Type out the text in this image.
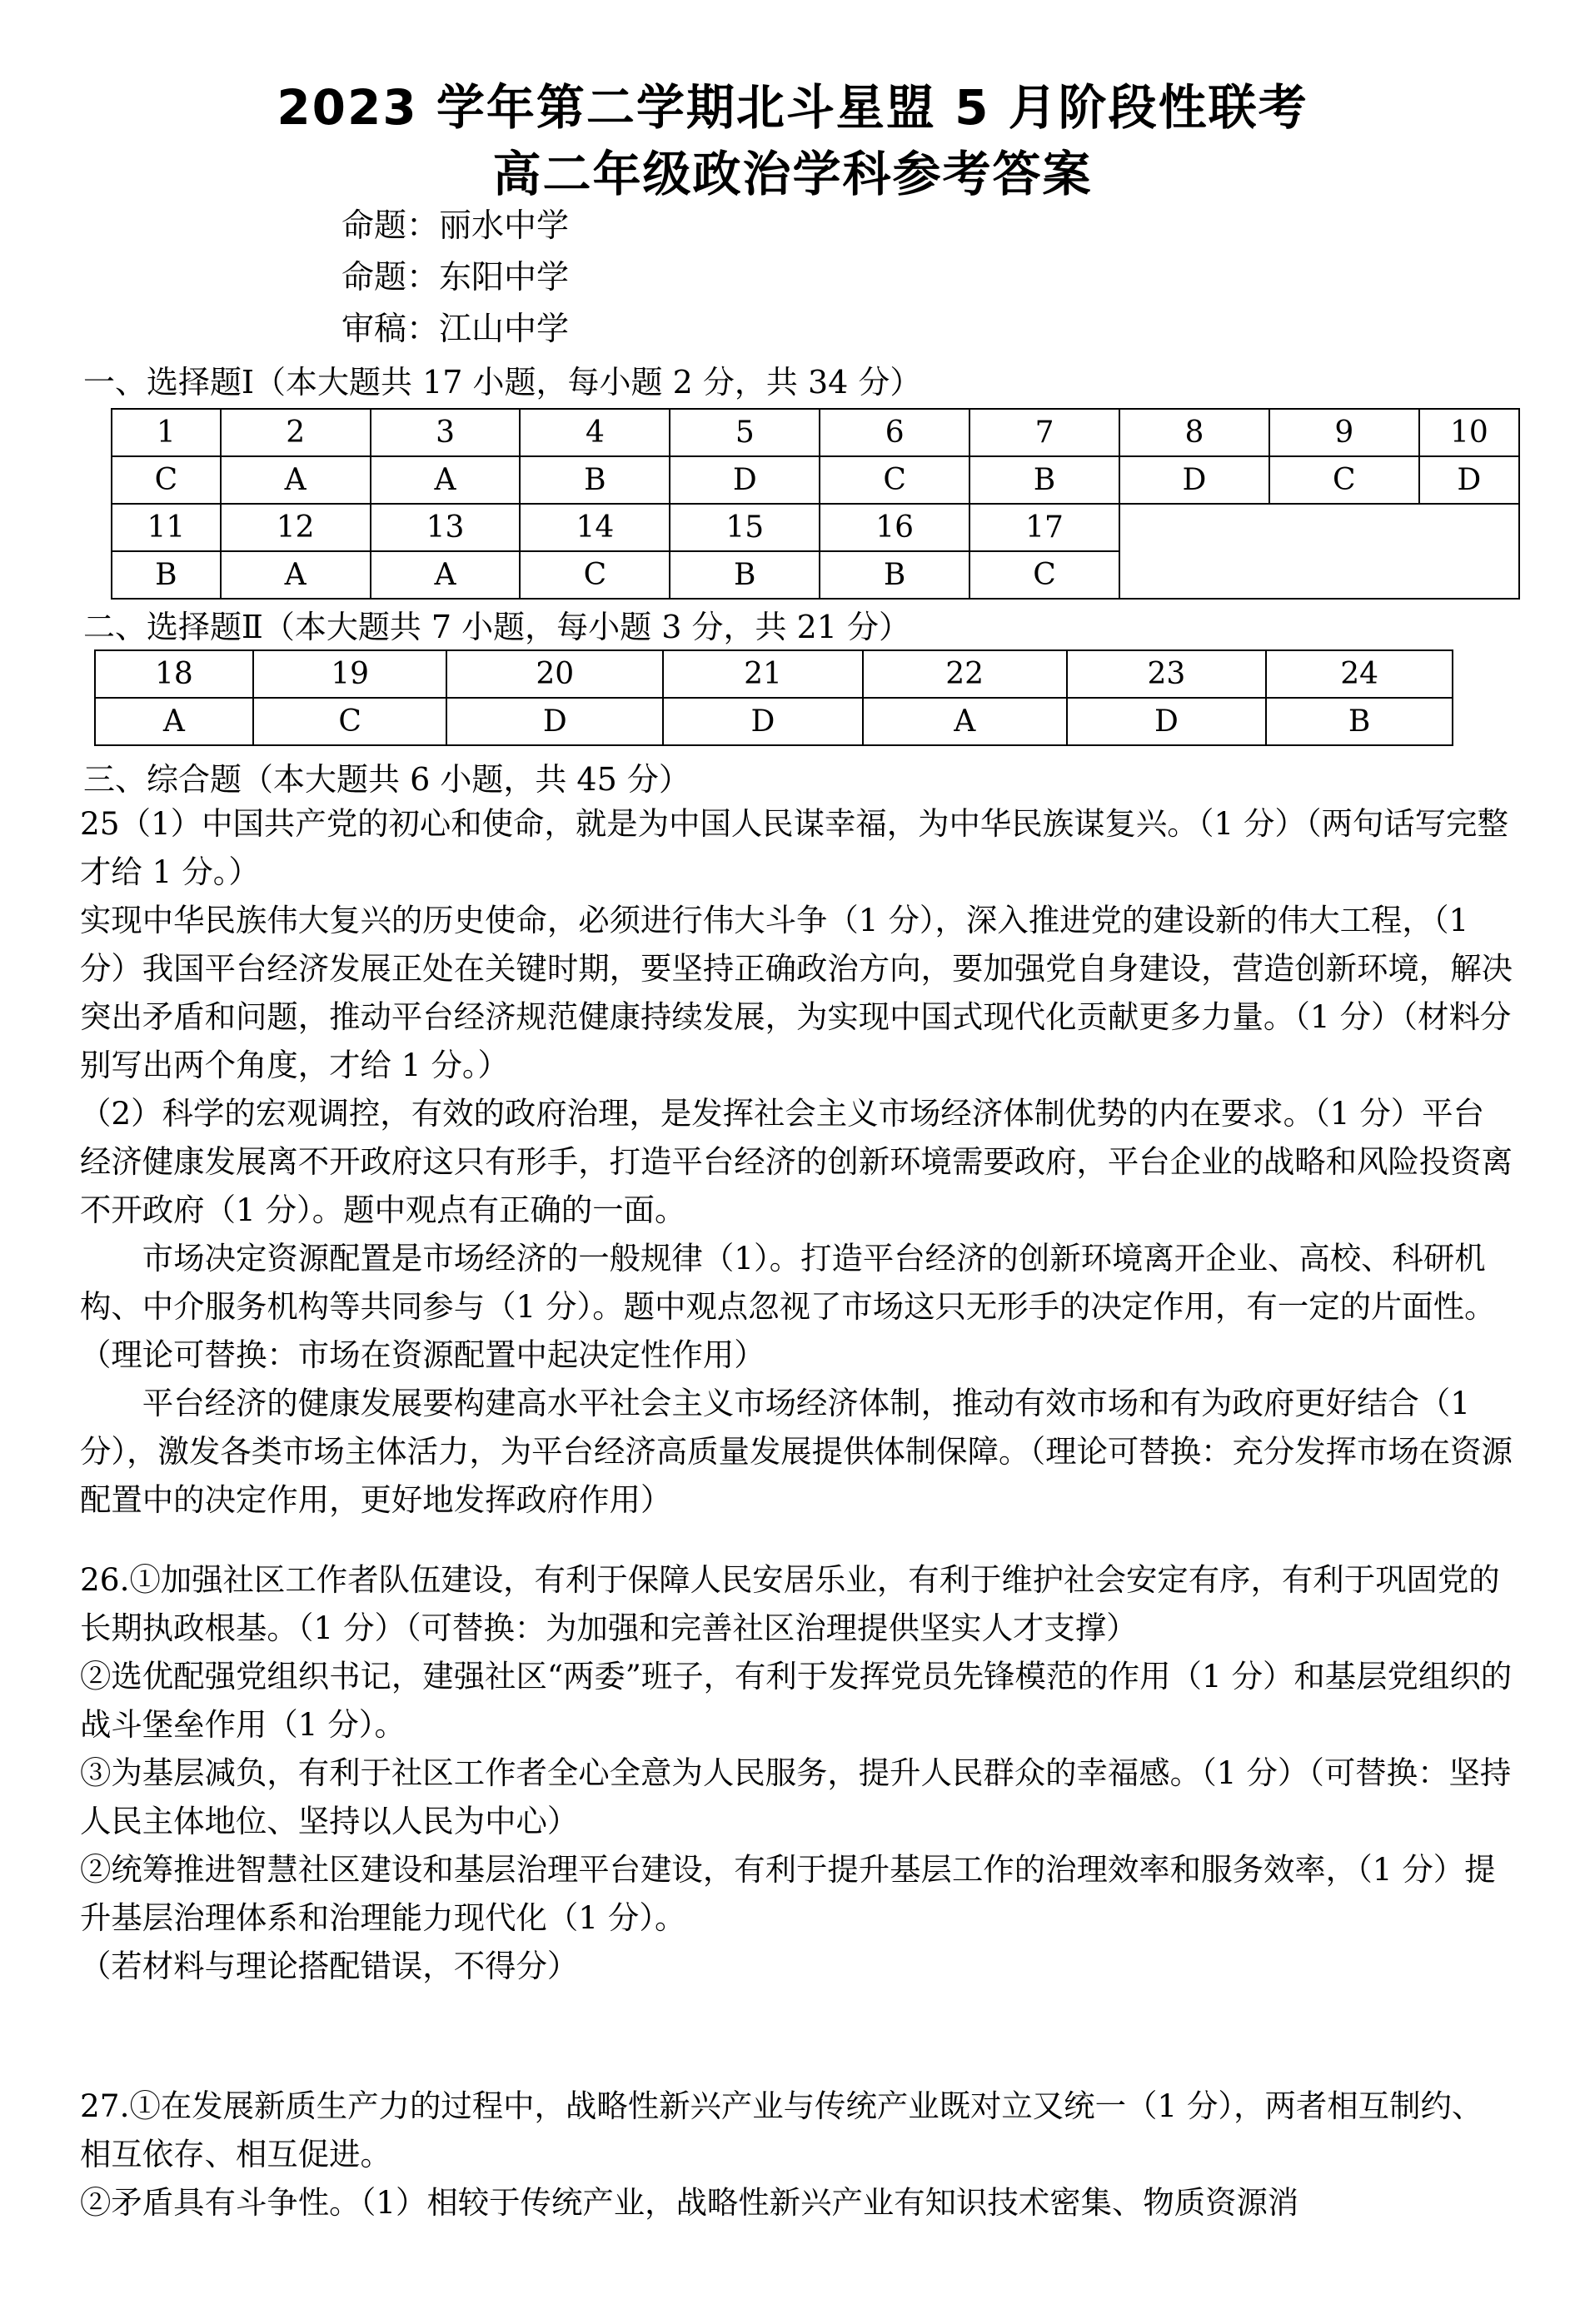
2023 学年第二学期北斗星盟 5 月阶段性联考
高二年级政治学科参考答案
命题：丽水中学
命题：东阳中学
审稿：江山中学
一、选择题Ⅰ（本大题共 17 小题，每小题 2 分，共 34 分）
1	2	3	4	5	6	7	8	9	10
C	A	A	B	D	C	B	D	C	D
11	12	13	14	15	16	17			
B	A	A	C	B	B	C			
二、选择题Ⅱ（本大题共 7 小题，每小题 3 分，共 21 分）
18	19	20	21	22	23	24
A	C	D	D	A	D	B
三、综合题（本大题共 6 小题，共 45 分）

25（1）中国共产党的初心和使命，就是为中国人民谋幸福，为中华民族谋复兴。（1 分）（两句话写完整才给 1 分。）

实现中华民族伟大复兴的历史使命，必须进行伟大斗争（1 分），深入推进党的建设新的伟大工程，（1 分）我国平台经济发展正处在关键时期，要坚持正确政治方向，要加强党自身建设，营造创新环境，解决突出矛盾和问题，推动平台经济规范健康持续发展，为实现中国式现代化贡献更多力量。（1 分）（材料分别写出两个角度，才给 1 分。）

（2）科学的宏观调控，有效的政府治理，是发挥社会主义市场经济体制优势的内在要求。（1 分）平台经济健康发展离不开政府这只有形手，打造平台经济的创新环境需要政府，平台企业的战略和风险投资离不开政府（1 分）。题中观点有正确的一面。

市场决定资源配置是市场经济的一般规律（1）。打造平台经济的创新环境离开企业、高校、科研机构、中介服务机构等共同参与（1 分）。题中观点忽视了市场这只无形手的决定作用，有一定的片面性。（理论可替换：市场在资源配置中起决定性作用）

平台经济的健康发展要构建高水平社会主义市场经济体制，推动有效市场和有为政府更好结合（1 分），激发各类市场主体活力，为平台经济高质量发展提供体制保障。（理论可替换：充分发挥市场在资源配置中的决定作用，更好地发挥政府作用）

26.①加强社区工作者队伍建设，有利于保障人民安居乐业，有利于维护社会安定有序，有利于巩固党的长期执政根基。（1 分）（可替换：为加强和完善社区治理提供坚实人才支撑）

②选优配强党组织书记，建强社区“两委”班子，有利于发挥党员先锋模范的作用（1 分）和基层党组织的战斗堡垒作用（1 分）。

③为基层减负，有利于社区工作者全心全意为人民服务，提升人民群众的幸福感。（1 分）（可替换：坚持人民主体地位、坚持以人民为中心）

②统筹推进智慧社区建设和基层治理平台建设，有利于提升基层工作的治理效率和服务效率，（1 分）提升基层治理体系和治理能力现代化（1 分）。

（若材料与理论搭配错误，不得分）

27.①在发展新质生产力的过程中，战略性新兴产业与传统产业既对立又统一（1 分），两者相互制约、相互依存、相互促进。

②矛盾具有斗争性。（1）相较于传统产业，战略性新兴产业有知识技术密集、物质资源消
